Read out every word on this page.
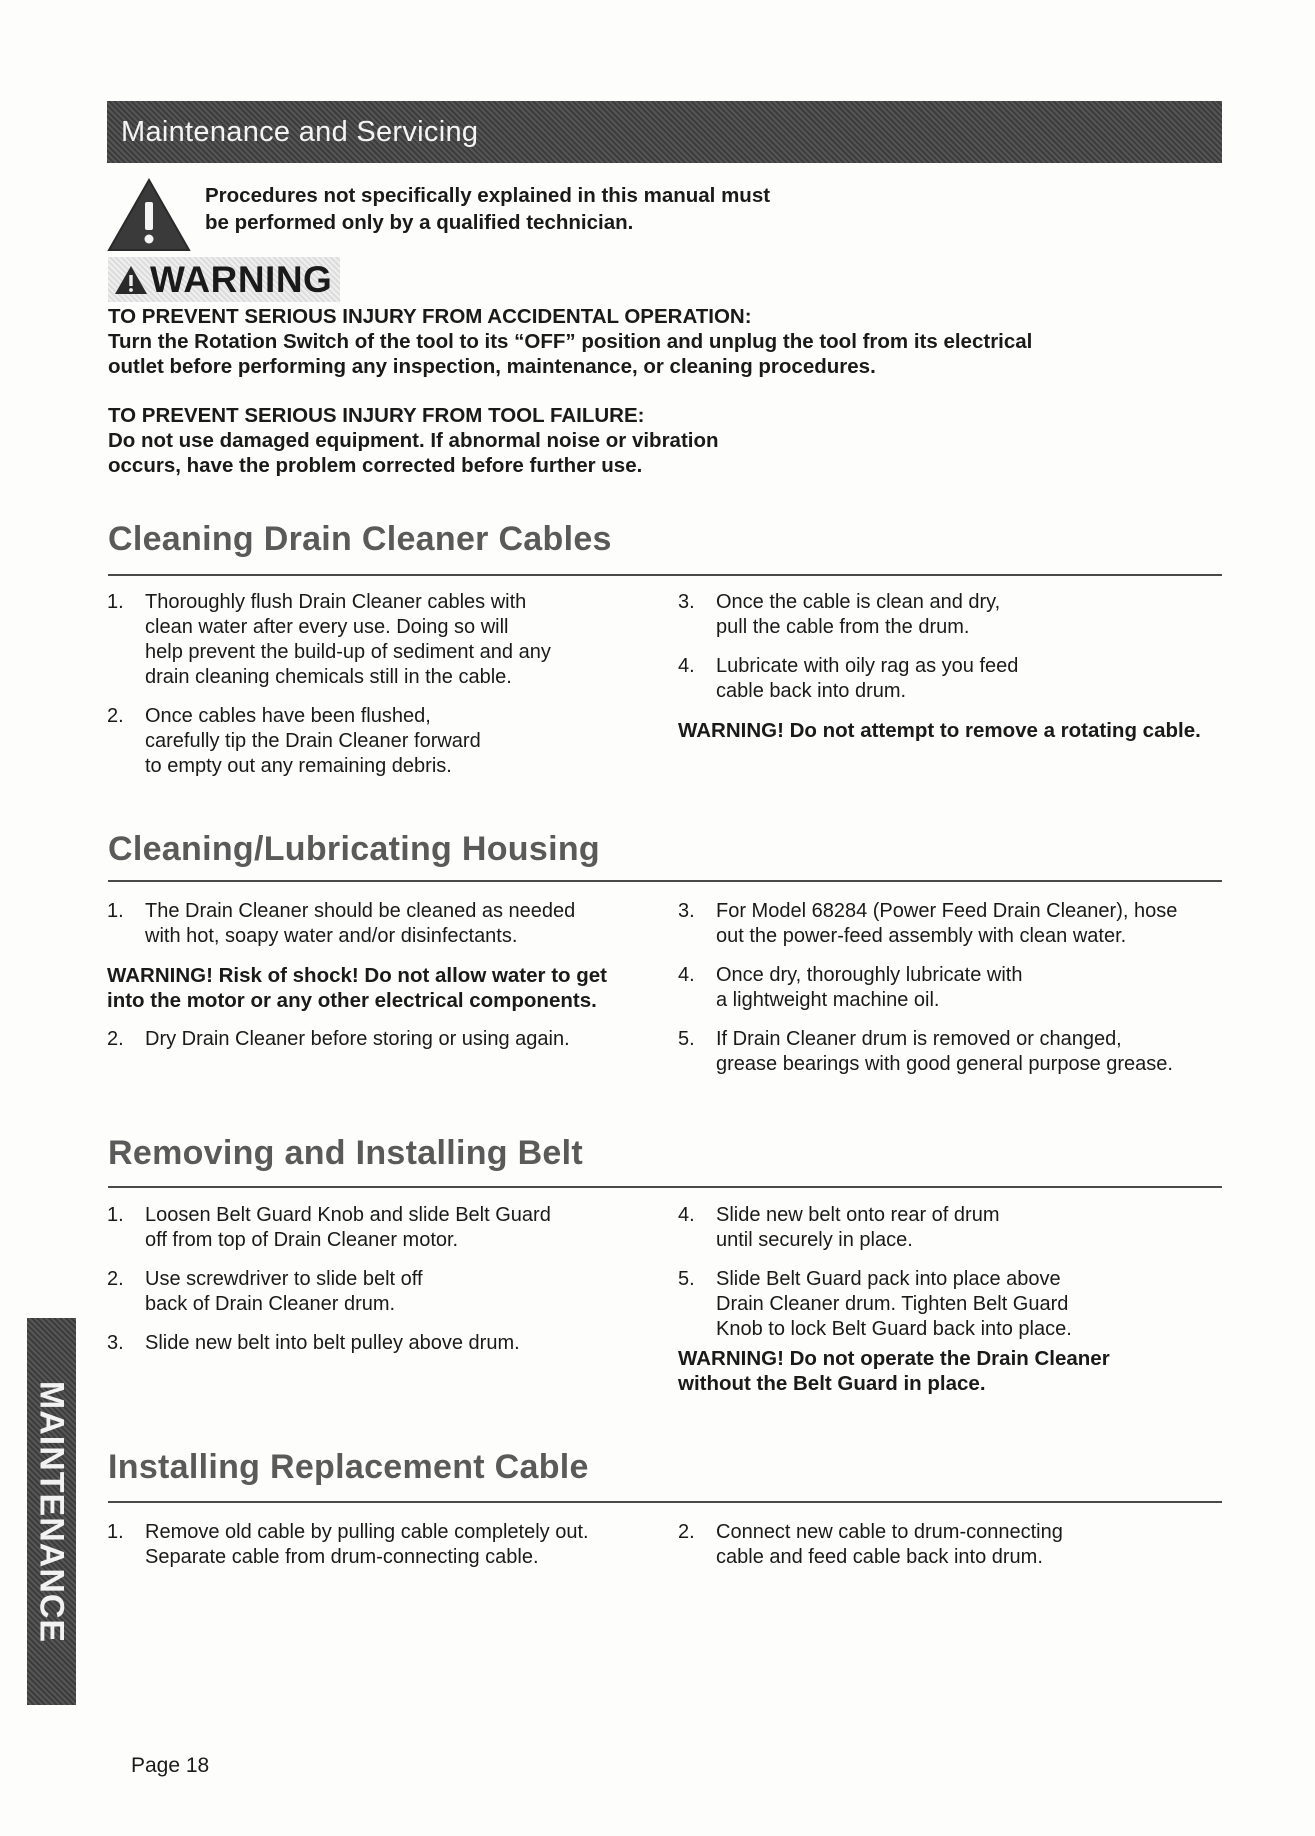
Maintenance and Servicing
Procedures not specifically explained in this manual must
be performed only by a qualified technician.
WARNING
TO PREVENT SERIOUS INJURY FROM ACCIDENTAL OPERATION:
Turn the Rotation Switch of the tool to its “OFF” position and unplug the tool from its electrical
outlet before performing any inspection, maintenance, or cleaning procedures.
TO PREVENT SERIOUS INJURY FROM TOOL FAILURE:
Do not use damaged equipment. If abnormal noise or vibration
occurs, have the problem corrected before further use.
Cleaning Drain Cleaner Cables
1.	Thoroughly flush Drain Cleaner cables with
clean water after every use. Doing so will
help prevent the build-up of sediment and any
drain cleaning chemicals still in the cable.
2.	Once cables have been flushed,
carefully tip the Drain Cleaner forward
to empty out any remaining debris.
3.	Once the cable is clean and dry,
pull the cable from the drum.
4.	Lubricate with oily rag as you feed
cable back into drum.
WARNING! Do not attempt to remove a rotating cable.
Cleaning/Lubricating Housing
1.	The Drain Cleaner should be cleaned as needed
with hot, soapy water and/or disinfectants.
WARNING! Risk of shock! Do not allow water to get
into the motor or any other electrical components.
2.	Dry Drain Cleaner before storing or using again.
3.	For Model 68284 (Power Feed Drain Cleaner), hose
out the power-feed assembly with clean water.
4.	Once dry, thoroughly lubricate with
a lightweight machine oil.
5.	If Drain Cleaner drum is removed or changed,
grease bearings with good general purpose grease.
Removing and Installing Belt
1.	Loosen Belt Guard Knob and slide Belt Guard
off from top of Drain Cleaner motor.
2.	Use screwdriver to slide belt off
back of Drain Cleaner drum.
3.	Slide new belt into belt pulley above drum.
4.	Slide new belt onto rear of drum
until securely in place.
5.	Slide Belt Guard pack into place above
Drain Cleaner drum. Tighten Belt Guard
Knob to lock Belt Guard back into place.
WARNING! Do not operate the Drain Cleaner
without the Belt Guard in place.
Installing Replacement Cable
1.	Remove old cable by pulling cable completely out.
Separate cable from drum-connecting cable.
2.	Connect new cable to drum-connecting
cable and feed cable back into drum.
MAINTENANCE
Page 18
